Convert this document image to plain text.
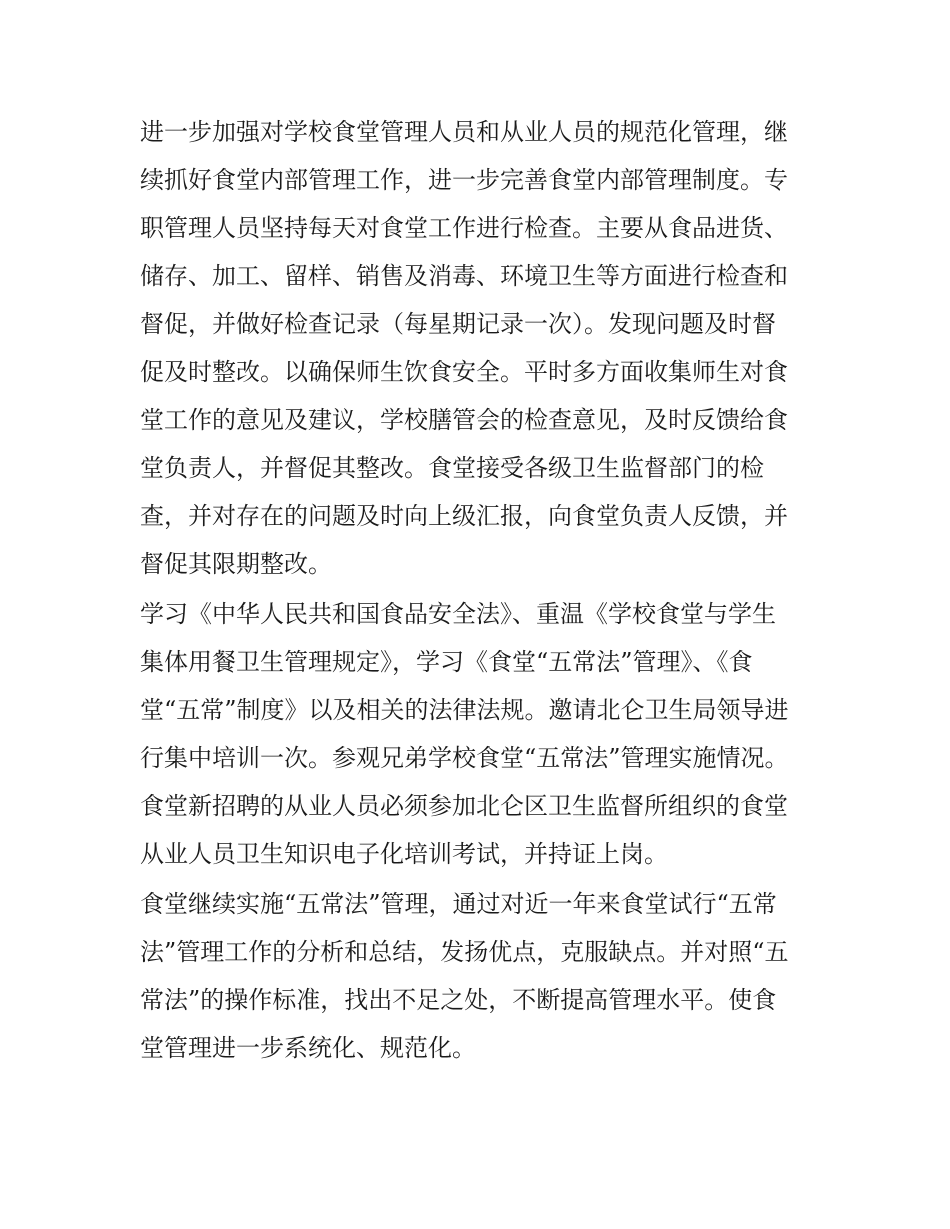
进一步加强对学校食堂管理人员和从业人员的规范化管理，继
续抓好食堂内部管理工作，进一步完善食堂内部管理制度。专
职管理人员坚持每天对食堂工作进行检查。主要从食品进货、
储存、加工、留样、销售及消毒、环境卫生等方面进行检查和
督促，并做好检查记录（每星期记录一次）。发现问题及时督
促及时整改。以确保师生饮食安全。平时多方面收集师生对食
堂工作的意见及建议，学校膳管会的检查意见，及时反馈给食
堂负责人，并督促其整改。食堂接受各级卫生监督部门的检
查，并对存在的问题及时向上级汇报，向食堂负责人反馈，并
督促其限期整改。
学习《中华人民共和国食品安全法》、重温《学校食堂与学生
集体用餐卫生管理规定》，学习《食堂“五常法”管理》、《食
堂“五常”制度》以及相关的法律法规。邀请北仑卫生局领导进
行集中培训一次。参观兄弟学校食堂“五常法”管理实施情况。
食堂新招聘的从业人员必须参加北仑区卫生监督所组织的食堂
从业人员卫生知识电子化培训考试，并持证上岗。
食堂继续实施“五常法”管理，通过对近一年来食堂试行“五常
法”管理工作的分析和总结，发扬优点，克服缺点。并对照“五
常法”的操作标准，找出不足之处，不断提高管理水平。使食
堂管理进一步系统化、规范化。
